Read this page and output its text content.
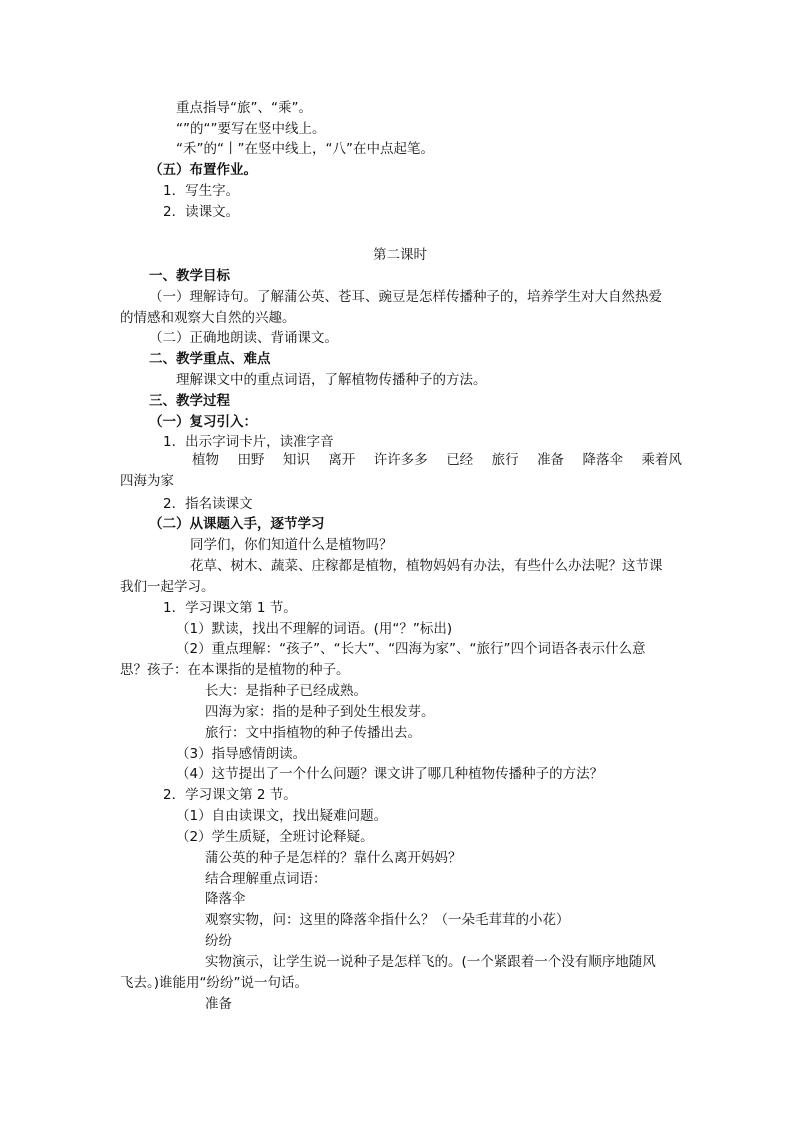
重点指导“旅”、“乘”。

“”的“”要写在竖中线上。

“禾”的“丨”在竖中线上，“八”在中点起笔。

（五）布置作业。

1．写生字。

2．读课文。

第二课时

一、教学目标

（一）理解诗句。了解蒲公英、苍耳、豌豆是怎样传播种子的，培养学生对大自然热爱

的情感和观察大自然的兴趣。

（二）正确地朗读、背诵课文。

二、教学重点、难点

理解课文中的重点词语，了解植物传播种子的方法。

三、教学过程

（一）复习引入：

1．出示字词卡片，读准字音

植物 田野 知识 离开 许许多多 已经 旅行 准备 降落伞 乘着风

四海为家

2．指名读课文

（二）从课题入手，逐节学习

同学们，你们知道什么是植物吗？

花草、树木、蔬菜、庄稼都是植物，植物妈妈有办法，有些什么办法呢？这节课

我们一起学习。

1．学习课文第 1 节。

（1）默读，找出不理解的词语。(用“？”标出)

（2）重点理解：“孩子”、“长大”、“四海为家”、“旅行”四个词语各表示什么意

思？孩子：在本课指的是植物的种子。

长大：是指种子已经成熟。

四海为家：指的是种子到处生根发芽。

旅行：文中指植物的种子传播出去。

（3）指导感情朗读。

（4）这节提出了一个什么问题？课文讲了哪几种植物传播种子的方法？

2．学习课文第 2 节。

（1）自由读课文，找出疑难问题。

（2）学生质疑，全班讨论释疑。

蒲公英的种子是怎样的？靠什么离开妈妈？

结合理解重点词语：

降落伞

观察实物，问：这里的降落伞指什么？（一朵毛茸茸的小花）

纷纷

实物演示，让学生说一说种子是怎样飞的。(一个紧跟着一个没有顺序地随风

飞去。)谁能用“纷纷”说一句话。

准备
